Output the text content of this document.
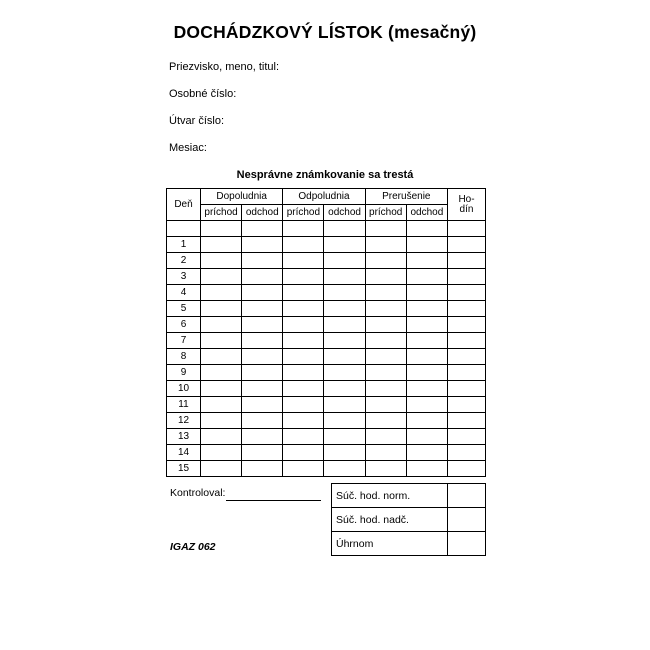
DOCHÁDZKOVÝ LÍSTOK (mesačný)
Priezvisko, meno, titul:
Osobné číslo:
Útvar číslo:
Mesiac:
Nesprávne známkovanie sa trestá
Deň	Dopoludnia		Odpoludnia		Prerušenie		Ho-
dín
	príchod	odchod	príchod	odchod	príchod	odchod	

1							
2							
3							
4							
5							
6							
7							
8							
9							
10							
11							
12							
13							
14							
15							
Kontroloval:
IGAZ 062
Súč. hod. norm.	
Súč. hod. nadč.	
Úhrnom	
